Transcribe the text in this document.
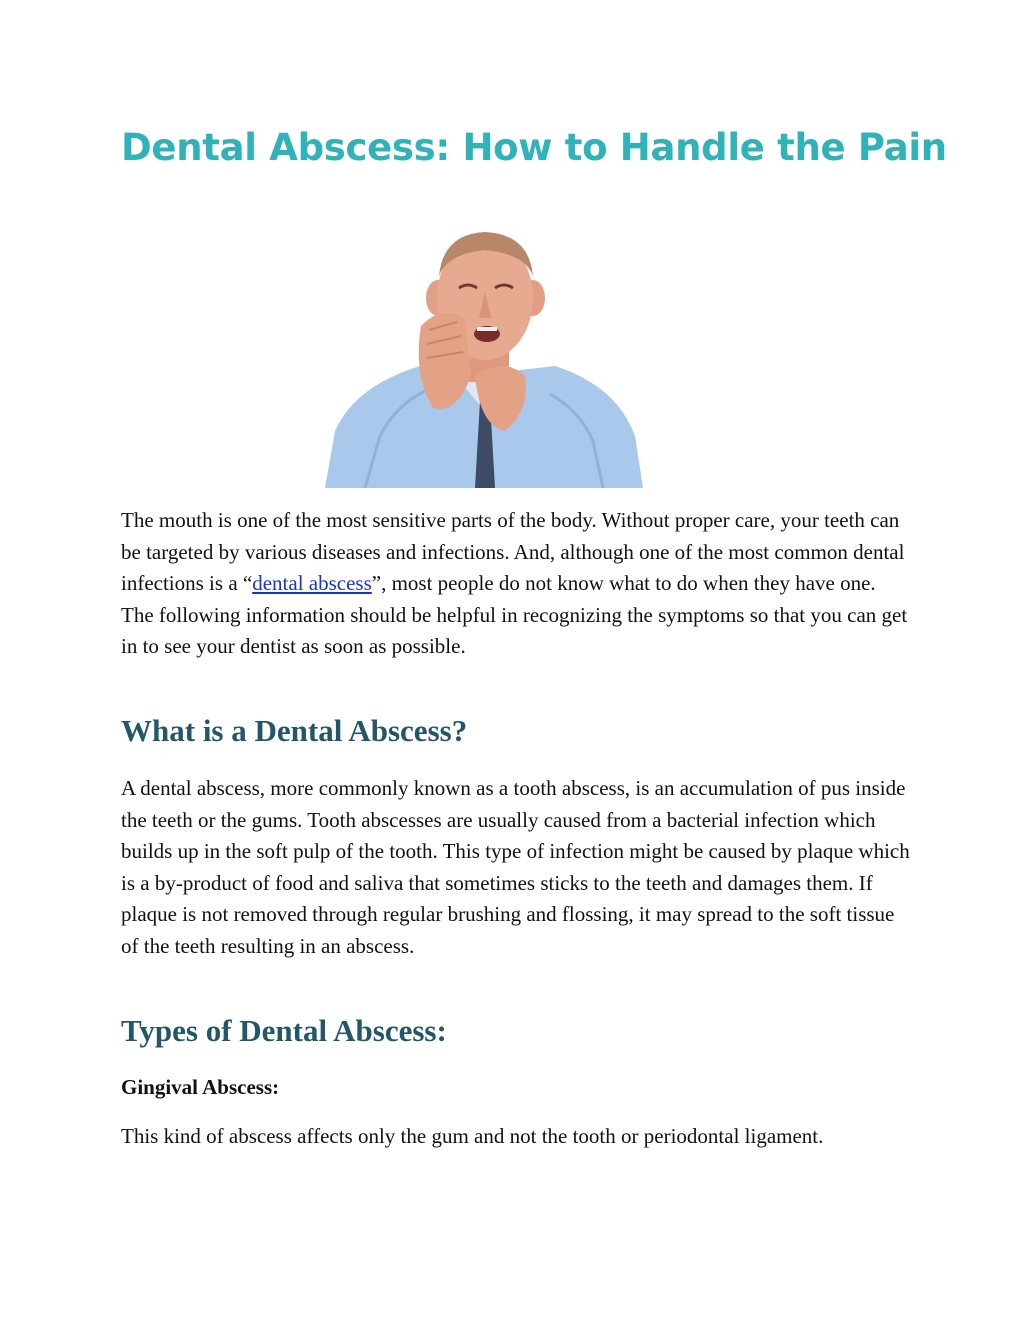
Dental Abscess: How to Handle the Pain

The mouth is one of the most sensitive parts of the body. Without proper care, your teeth can be targeted by various diseases and infections. And, although one of the most common dental infections is a “dental abscess”, most people do not know what to do when they have one. The following information should be helpful in recognizing the symptoms so that you can get in to see your dentist as soon as possible.

What is a Dental Abscess?

A dental abscess, more commonly known as a tooth abscess, is an accumulation of pus inside the teeth or the gums. Tooth abscesses are usually caused from a bacterial infection which builds up in the soft pulp of the tooth. This type of infection might be caused by plaque which is a by-product of food and saliva that sometimes sticks to the teeth and damages them. If plaque is not removed through regular brushing and flossing, it may spread to the soft tissue of the teeth resulting in an abscess.

Types of Dental Abscess:
Gingival Abscess:

This kind of abscess affects only the gum and not the tooth or periodontal ligament.
